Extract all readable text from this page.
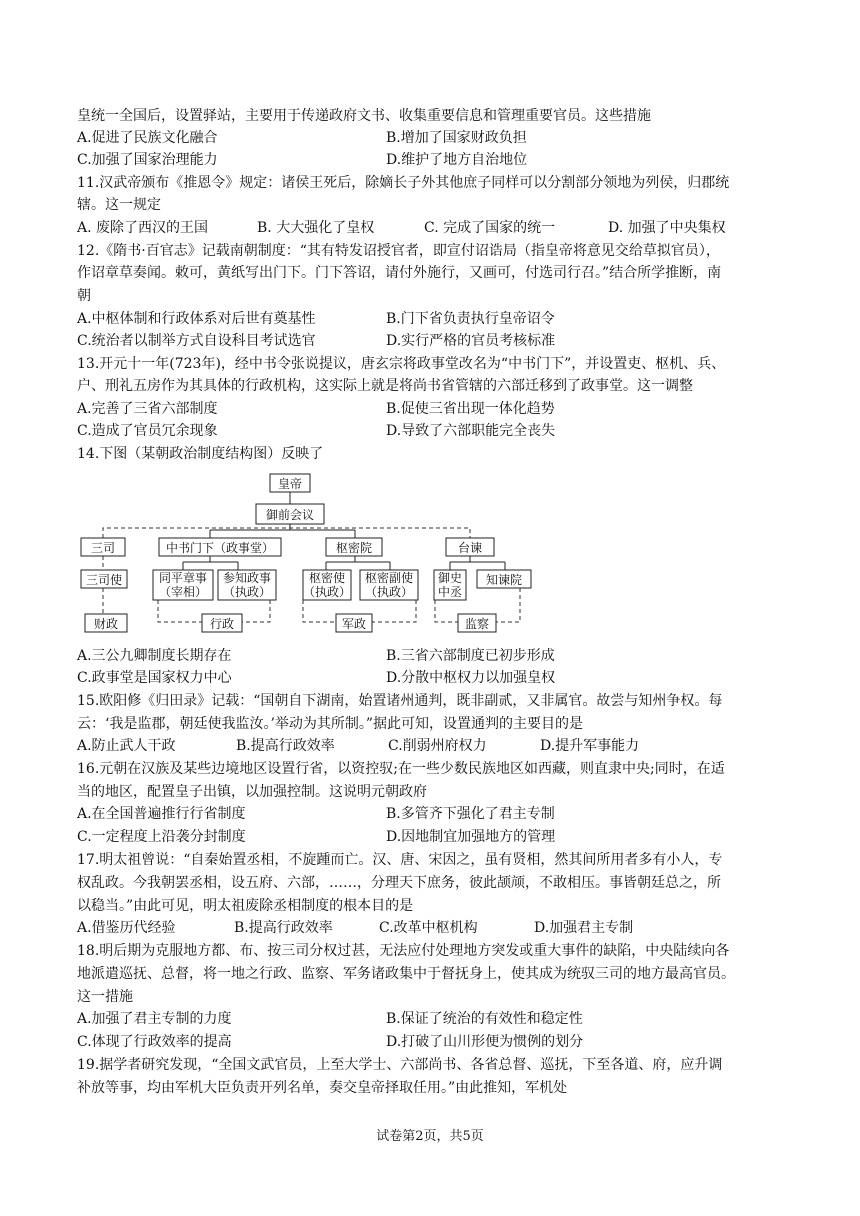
皇统一全国后，设置驿站，主要用于传递政府文书、收集重要信息和管理重要官员。这些措施
A.促进了民族文化融合	B.增加了国家财政负担
C.加强了国家治理能力	D.维护了地方自治地位
11.汉武帝颁布《推恩令》规定：诸侯王死后，除嫡长子外其他庶子同样可以分割部分领地为列侯，归郡统
辖。这一规定
A. 废除了西汉的王国	B. 大大强化了皇权	C. 完成了国家的统一	D. 加强了中央集权
12.《隋书·百官志》记载南朝制度：“其有特发诏授官者，即宣付诏诰局（指皇帝将意见交给草拟官员），
作诏章草奏闻。敕可，黄纸写出门下。门下答诏，请付外施行，又画可，付选司行召。”结合所学推断，南
朝
A.中枢体制和行政体系对后世有奠基性	B.门下省负责执行皇帝诏令
C.统治者以制举方式自设科目考试选官	D.实行严格的官员考核标准
13.开元十一年(723年)，经中书令张说提议，唐玄宗将政事堂改名为“中书门下”，并设置吏、枢机、兵、
户、刑礼五房作为其具体的行政机构，这实际上就是将尚书省管辖的六部迁移到了政事堂。这一调整
A.完善了三省六部制度	B.促使三省出现一体化趋势
C.造成了官员冗余现象	D.导致了六部职能完全丧失
14.下图（某朝政治制度结构图）反映了
皇帝
御前会议
三司	中书门下（政事堂）	枢密院	台谏
三司使	同平章事
（宰相）
参知政事
（执政）
枢密使
（执政）
枢密副使
（执政）
御史
中丞
知谏院
财政	行政	军政	监察
A.三公九卿制度长期存在	B.三省六部制度已初步形成
C.政事堂是国家权力中心	D.分散中枢权力以加强皇权
15.欧阳修《归田录》记载：“国朝自下湖南，始置诸州通判，既非副贰，又非属官。故尝与知州争权。每
云：‘我是监郡，朝廷使我监汝。’举动为其所制。”据此可知，设置通判的主要目的是
A.防止武人干政	B.提高行政效率	C.削弱州府权力	D.提升军事能力
16.元朝在汉族及某些边境地区设置行省，以资控驭;在一些少数民族地区如西藏，则直隶中央;同时，在适
当的地区，配置皇子出镇，以加强控制。这说明元朝政府
A.在全国普遍推行行省制度	B.多管齐下强化了君主专制
C.一定程度上沿袭分封制度	D.因地制宜加强地方的管理
17.明太祖曾说：“自秦始置丞相，不旋踵而亡。汉、唐、宋因之，虽有贤相，然其间所用者多有小人，专
权乱政。今我朝罢丞相，设五府、六部，……，分理天下庶务，彼此颉颃，不敢相压。事皆朝廷总之，所
以稳当。”由此可见，明太祖废除丞相制度的根本目的是
A.借鉴历代经验	B.提高行政效率	C.改革中枢机构	D.加强君主专制
18.明后期为克服地方都、布、按三司分权过甚，无法应付处理地方突发或重大事件的缺陷，中央陆续向各
地派遣巡抚、总督，将一地之行政、监察、军务诸政集中于督抚身上，使其成为统驭三司的地方最高官员。
这一措施
A.加强了君主专制的力度	B.保证了统治的有效性和稳定性
C.体现了行政效率的提高	D.打破了山川形便为惯例的划分
19.据学者研究发现，“全国文武官员，上至大学士、六部尚书、各省总督、巡抚，下至各道、府，应升调
补放等事，均由军机大臣负责开列名单，奏交皇帝择取任用。”由此推知，军机处
试卷第2页，共5页
